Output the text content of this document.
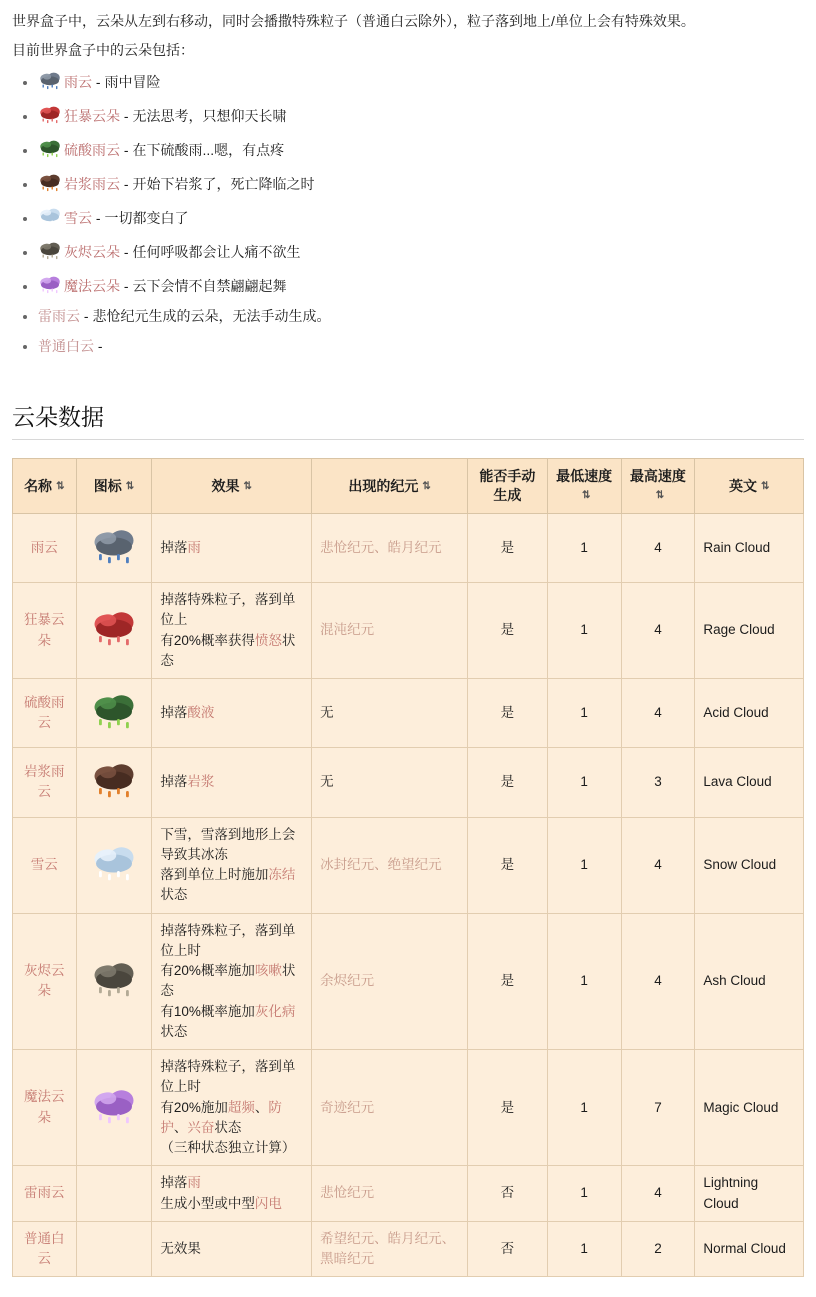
世界盒子中，云朵从左到右移动，同时会播撒特殊粒子（普通白云除外），粒子落到地上/单位上会有特殊效果。

目前世界盒子中的云朵包括：

• 雨云 - 雨中冒险
• 狂暴云朵 - 无法思考，只想仰天长啸
• 硫酸雨云 - 在下硫酸雨...嗯，有点疼
• 岩浆雨云 - 开始下岩浆了，死亡降临之时
• 雪云 - 一切都变白了
• 灰烬云朵 - 任何呼吸都会让人痛不欲生
• 魔法云朵 - 云下会情不自禁翩翩起舞
• 雷雨云 - 悲怆纪元生成的云朵，无法手动生成。
• 普通白云 -
云朵数据
名称 ⇅	图标 ⇅	效果 ⇅	出现的纪元 ⇅	能否手动生成	最低速度⇅	最高速度⇅	英文 ⇅
雨云		掉落雨	悲怆纪元、皓月纪元	是	1	4	Rain Cloud
狂暴云朵		掉落特殊粒子，落到单位上
有20%概率获得愤怒状态	混沌纪元	是	1	4	Rage Cloud
硫酸雨云		掉落酸液	无	是	1	4	Acid Cloud
岩浆雨云		掉落岩浆	无	是	1	3	Lava Cloud
雪云		下雪，雪落到地形上会导致其冰冻
落到单位上时施加冻结状态	冰封纪元、绝望纪元	是	1	4	Snow Cloud
灰烬云朵		掉落特殊粒子，落到单位上时
有20%概率施加咳嗽状态
有10%概率施加灰化病状态	余烬纪元	是	1	4	Ash Cloud
魔法云朵		掉落特殊粒子，落到单位上时
有20%施加超频、防护、兴奋状态
（三种状态独立计算）	奇迹纪元	是	1	7	Magic Cloud
雷雨云		掉落雨
生成小型或中型闪电	悲怆纪元	否	1	4	Lightning Cloud
普通白云		无效果	希望纪元、皓月纪元、黑暗纪元	否	1	2	Normal Cloud
